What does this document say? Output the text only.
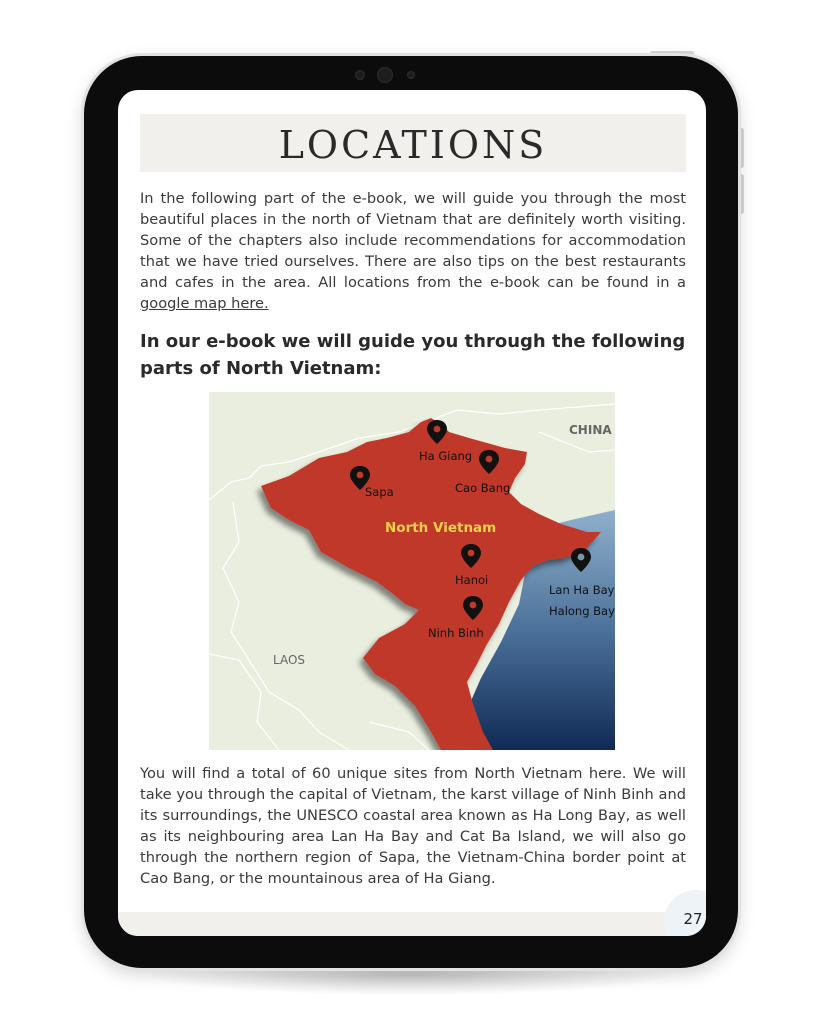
LOCATIONS
In the following part of the e-book, we will guide you through the most beautiful places in the north of Vietnam that are definitely worth visiting. Some of the chapters also include recommendations for accommodation that we have tried ourselves. There are also tips on the best restaurants and cafes in the area. All locations from the e-book can be found in a google map here.
In our e-book we will guide you through the following parts of North Vietnam:
CHINA
LAOS
North Vietnam
Ha Giang
Cao Bang
Sapa
Hanoi
Ninh Binh
Lan Ha Bay
Halong Bay
You will find a total of 60 unique sites from North Vietnam here. We will take you through the capital of Vietnam, the karst village of Ninh Binh and its surroundings, the UNESCO coastal area known as Ha Long Bay, as well as its neighbouring area Lan Ha Bay and Cat Ba Island, we will also go through the northern region of Sapa, the Vietnam-China border point at Cao Bang, or the mountainous area of Ha Giang.
27
